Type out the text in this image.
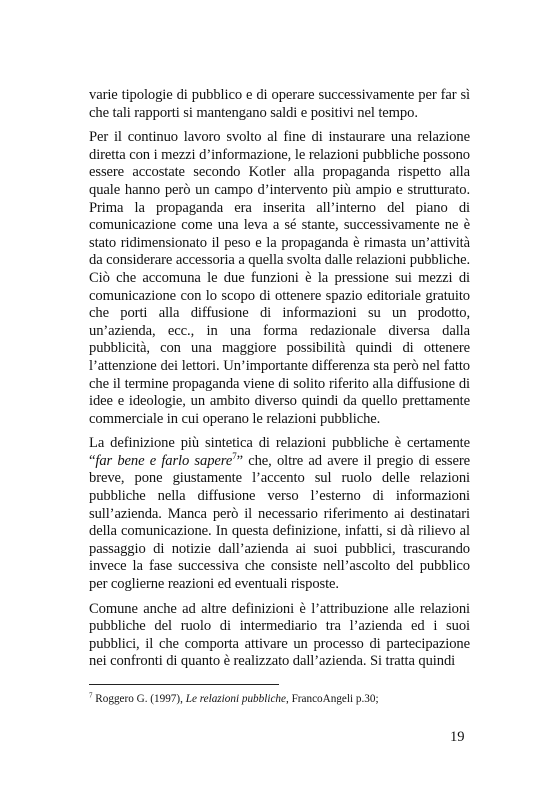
varie tipologie di pubblico e di operare successivamente per far sì che tali rapporti si mantengano saldi e positivi nel tempo.

Per il continuo lavoro svolto al fine di instaurare una relazione diretta con i mezzi d’informazione, le relazioni pubbliche possono essere accostate secondo Kotler alla propaganda rispetto alla quale hanno però un campo d’intervento più ampio e strutturato. Prima la propaganda era inserita all’interno del piano di comunicazione come una leva a sé stante, successivamente ne è stato ridimensionato il peso e la propaganda è rimasta un’attività da considerare accessoria a quella svolta dalle relazioni pubbliche. Ciò che accomuna le due funzioni è la pressione sui mezzi di comunicazione con lo scopo di ottenere spazio editoriale gratuito che porti alla diffusione di informazioni su un prodotto, un’azienda, ecc., in una forma redazionale diversa dalla pubblicità, con una maggiore possibilità quindi di ottenere l’attenzione dei lettori. Un’importante differenza sta però nel fatto che il termine propaganda viene di solito riferito alla diffusione di idee e ideologie, un ambito diverso quindi da quello prettamente commerciale in cui operano le relazioni pubbliche.

La definizione più sintetica di relazioni pubbliche è certamente “far bene e farlo sapere$^7$” che, oltre ad avere il pregio di essere breve, pone giustamente l’accento sul ruolo delle relazioni pubbliche nella diffusione verso l’esterno di informazioni sull’azienda. Manca però il necessario riferimento ai destinatari della comunicazione. In questa definizione, infatti, si dà rilievo al passaggio di notizie dall’azienda ai suoi pubblici, trascurando invece la fase successiva che consiste nell’ascolto del pubblico per coglierne reazioni ed eventuali risposte.

Comune anche ad altre definizioni è l’attribuzione alle relazioni pubbliche del ruolo di intermediario tra l’azienda ed i suoi pubblici, il che comporta attivare un processo di partecipazione nei confronti di quanto è realizzato dall’azienda. Si tratta quindi

$^7$ Roggero G. (1997), Le relazioni pubbliche, FrancoAngeli p.30;
19
